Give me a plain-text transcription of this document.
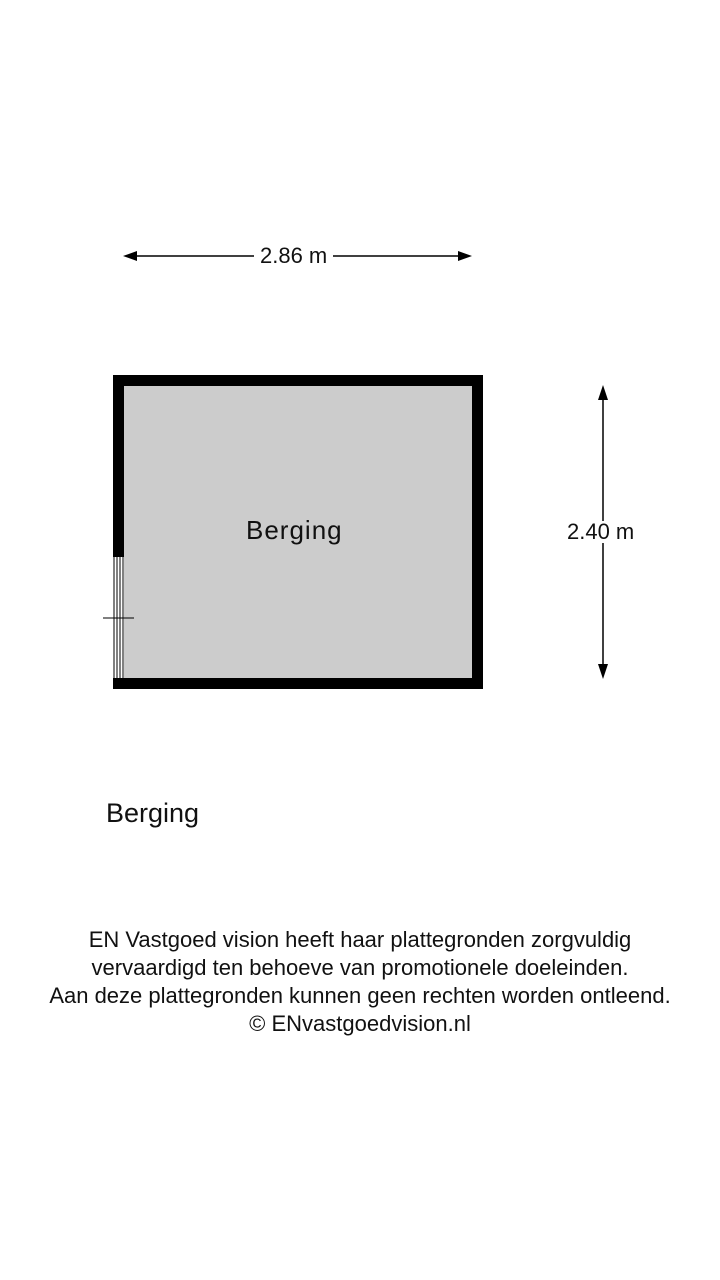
2.86 m
2.40 m
Berging
Berging
EN Vastgoed vision heeft haar plattegronden zorgvuldig
vervaardigd ten behoeve van promotionele doeleinden.
Aan deze plattegronden kunnen geen rechten worden ontleend.
© ENvastgoedvision.nl
